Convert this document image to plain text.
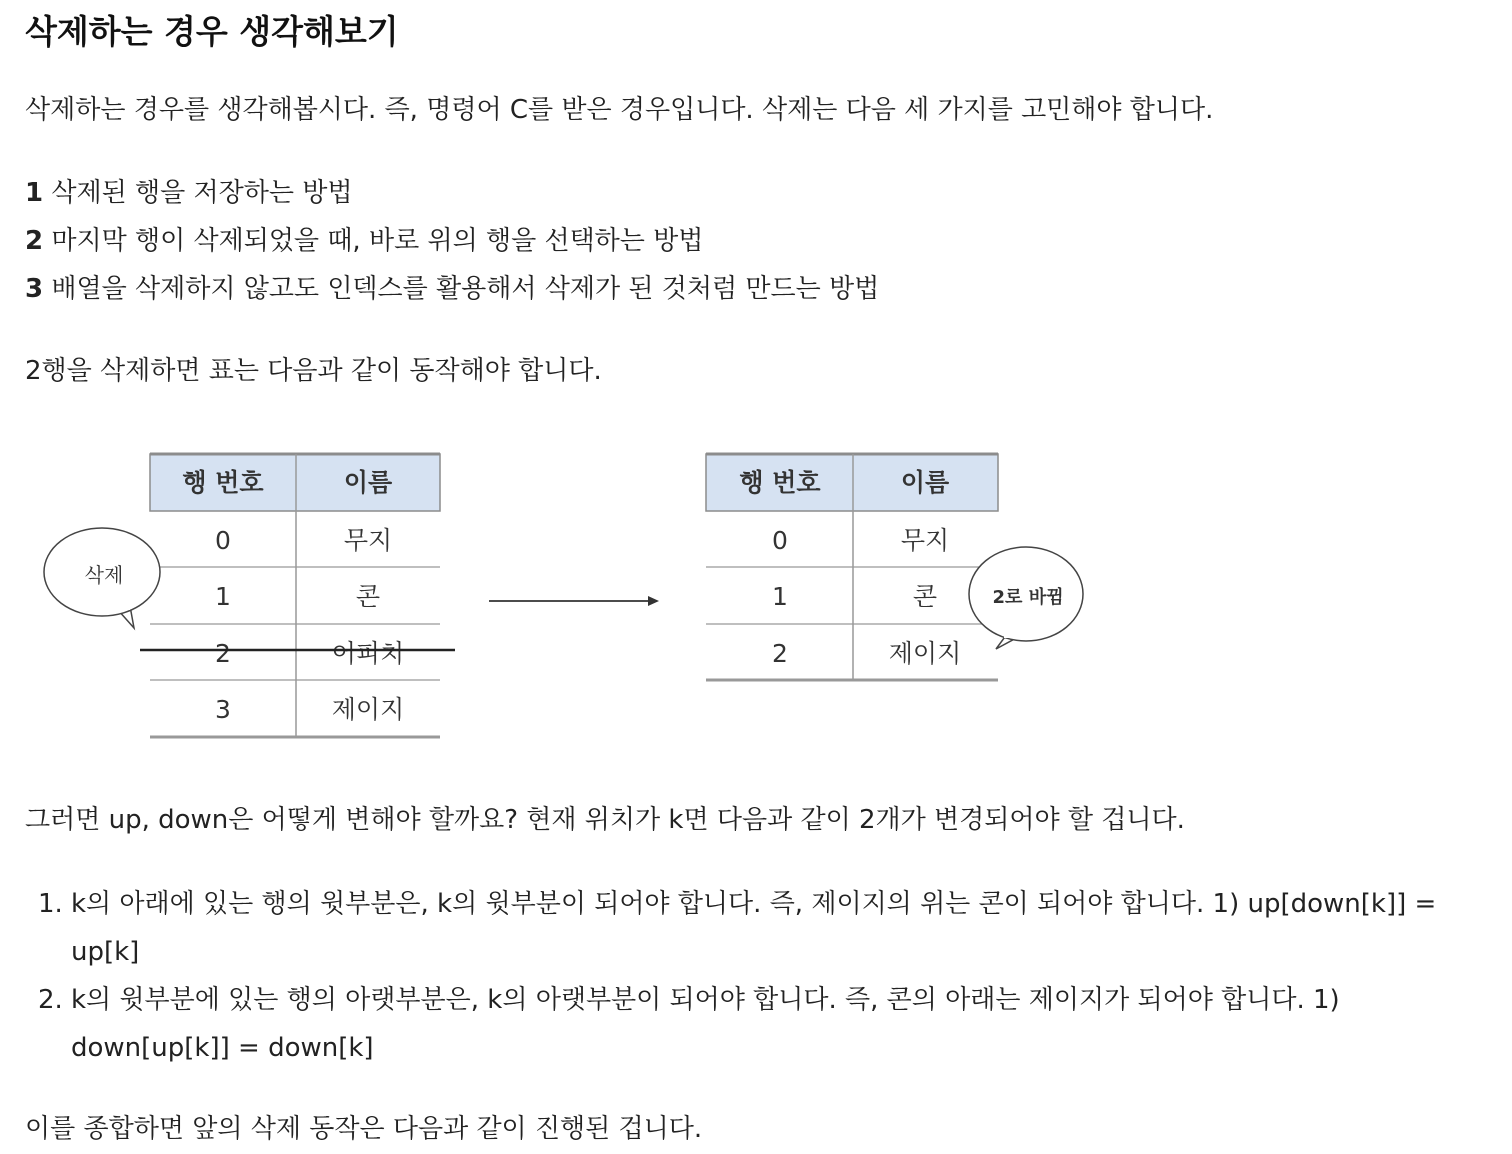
삭제하는 경우 생각해보기

삭제하는 경우를 생각해봅시다. 즉, 명령어 C를 받은 경우입니다. 삭제는 다음 세 가지를 고민해야 합니다.

1 삭제된 행을 저장하는 방법
2 마지막 행이 삭제되었을 때, 바로 위의 행을 선택하는 방법
3 배열을 삭제하지 않고도 인덱스를 활용해서 삭제가 된 것처럼 만드는 방법

2행을 삭제하면 표는 다음과 같이 동작해야 합니다.

행 번호	이름
0	무지
1	콘
2	어피치
3	제이지
삭제
행 번호	이름
0	무지
1	콘
2	제이지
2로 바뀜

그러면 up, down은 어떻게 변해야 할까요? 현재 위치가 k면 다음과 같이 2개가 변경되어야 할 겁니다.

1. k의 아래에 있는 행의 윗부분은, k의 윗부분이 되어야 합니다. 즉, 제이지의 위는 콘이 되어야 합니다. 1) up[down[k]] = up[k]
2. k의 윗부분에 있는 행의 아랫부분은, k의 아랫부분이 되어야 합니다. 즉, 콘의 아래는 제이지가 되어야 합니다. 1) down[up[k]] = down[k]

이를 종합하면 앞의 삭제 동작은 다음과 같이 진행된 겁니다.
